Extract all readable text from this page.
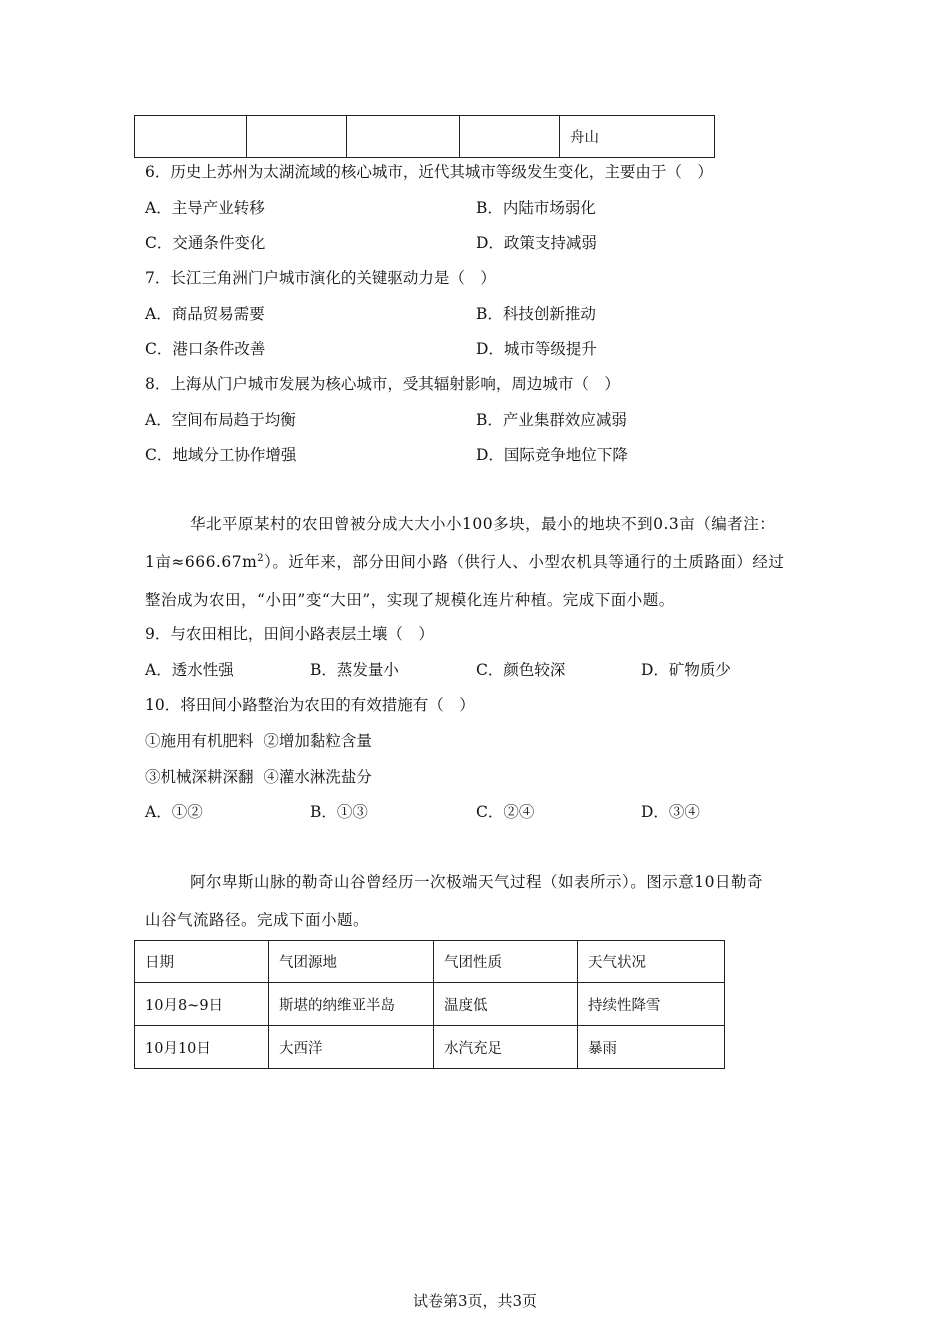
				舟山
6．历史上苏州为太湖流域的核心城市，近代其城市等级发生变化，主要由于（　）
A．主导产业转移	B．内陆市场弱化
C．交通条件变化	D．政策支持减弱
7．长江三角洲门户城市演化的关键驱动力是（　）
A．商品贸易需要	B．科技创新推动
C．港口条件改善	D．城市等级提升
8．上海从门户城市发展为核心城市，受其辐射影响，周边城市（　）
A．空间布局趋于均衡	B．产业集群效应减弱
C．地域分工协作增强	D．国际竞争地位下降
华北平原某村的农田曾被分成大大小小100多块，最小的地块不到0.3亩（编者注：
1亩$\approx 666.67m^2$）。近年来，部分田间小路（供行人、小型农机具等通行的土质路面）经过
整治成为农田，“小田”变“大田”，实现了规模化连片种植。完成下面小题。
9．与农田相比，田间小路表层土壤（　）
A．透水性强	B．蒸发量小	C．颜色较深	D．矿物质少
10．将田间小路整治为农田的有效措施有（　）
①施用有机肥料  ②增加黏粒含量
③机械深耕深翻  ④灌水淋洗盐分
A．①②	B．①③	C．②④	D．③④
阿尔卑斯山脉的勒奇山谷曾经历一次极端天气过程（如表所示）。图示意10日勒奇
山谷气流路径。完成下面小题。
日期	气团源地	气团性质	天气状况
10月8~9日	斯堪的纳维亚半岛	温度低	持续性降雪
10月10日	大西洋	水汽充足	暴雨
试卷第3页，共3页
